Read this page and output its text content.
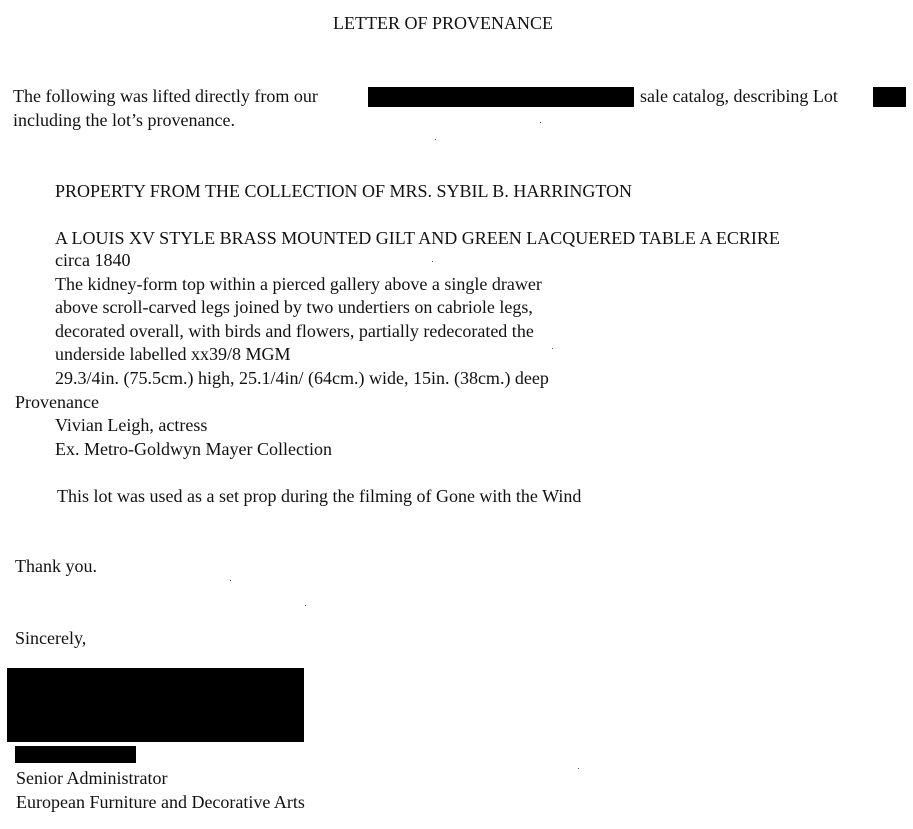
LETTER OF PROVENANCE
The following was lifted directly from our	sale catalog, describing Lot
including the lot’s provenance.
PROPERTY FROM THE COLLECTION OF MRS. SYBIL B. HARRINGTON
A LOUIS XV STYLE BRASS MOUNTED GILT AND GREEN LACQUERED TABLE A ECRIRE
circa 1840
The kidney-form top within a pierced gallery above a single drawer
above scroll-carved legs joined by two undertiers on cabriole legs,
decorated overall, with birds and flowers, partially redecorated the
underside labelled xx39/8 MGM
29.3/4in. (75.5cm.) high, 25.1/4in/ (64cm.) wide, 15in. (38cm.) deep
Provenance
Vivian Leigh, actress
Ex. Metro-Goldwyn Mayer Collection
This lot was used as a set prop during the filming of Gone with the Wind
Thank you.
Sincerely,
Senior Administrator
European Furniture and Decorative Arts
